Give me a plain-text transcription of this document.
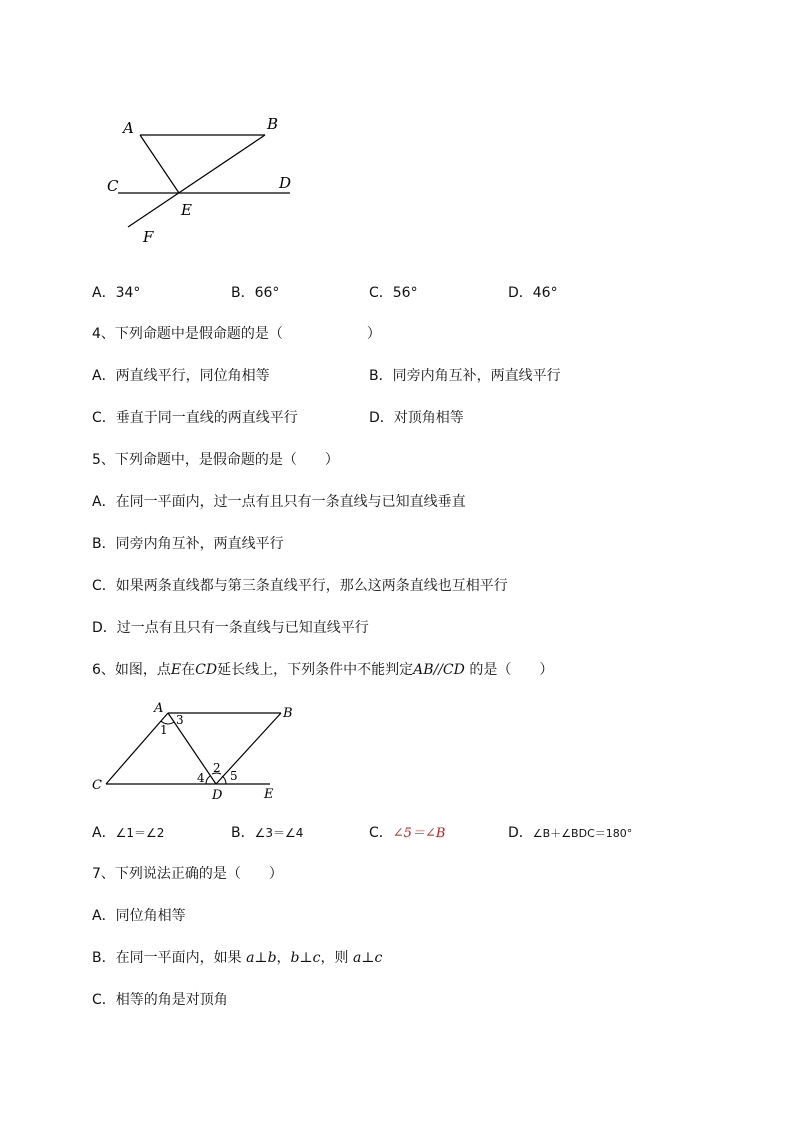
A	B
C	D
E
F
A．34°	B．66°	C．56°	D．46°
4、下列命题中是假命题的是（　　　　　　）
A．两直线平行，同位角相等	B．同旁内角互补，两直线平行
C．垂直于同一直线的两直线平行	D．对顶角相等
5、下列命题中，是假命题的是（　　）
A．在同一平面内，过一点有且只有一条直线与已知直线垂直
B．同旁内角互补，两直线平行
C．如果两条直线都与第三条直线平行，那么这两条直线也互相平行
D．过一点有且只有一条直线与已知直线平行
6、如图，点E在CD延长线上，下列条件中不能判定AB//CD 的是（　　）
A	B
C
D	E
1
2
3
4 5
A．∠1＝∠2	B．∠3＝∠4	C．∠5＝∠B	D．∠B＋∠BDC＝180°
7、下列说法正确的是（　　）
A．同位角相等
B．在同一平面内，如果 a⊥b，b⊥c，则 a⊥c
C．相等的角是对顶角
